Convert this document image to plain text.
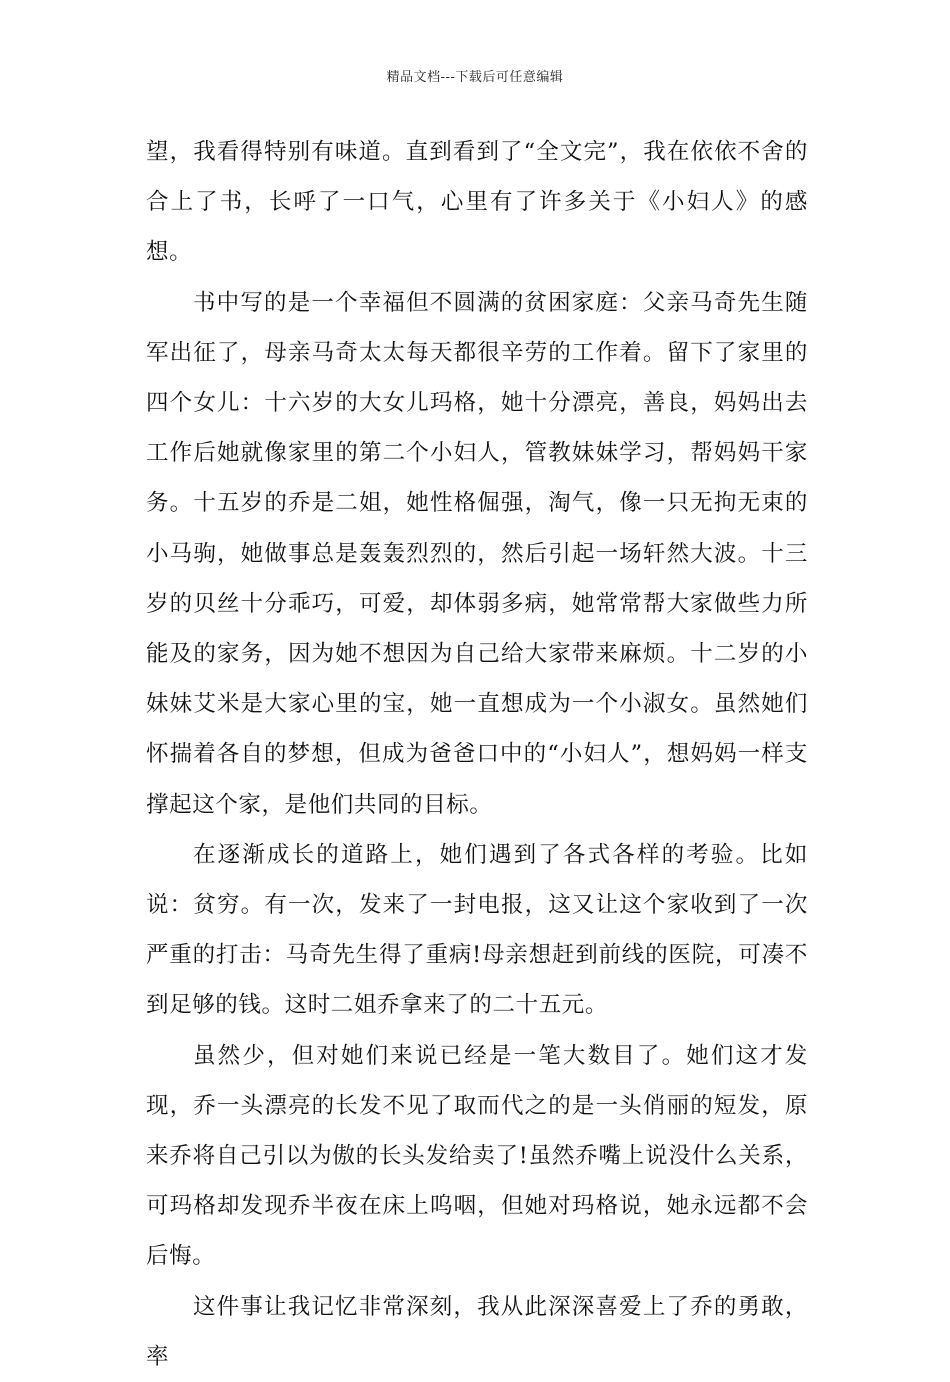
精品文档---下载后可任意编辑

望，我看得特别有味道。直到看到了“全文完”，我在依依不舍的合上了书，长呼了一口气，心里有了许多关于《小妇人》的感想。

书中写的是一个幸福但不圆满的贫困家庭：父亲马奇先生随军出征了，母亲马奇太太每天都很辛劳的工作着。留下了家里的四个女儿：十六岁的大女儿玛格，她十分漂亮，善良，妈妈出去工作后她就像家里的第二个小妇人，管教妹妹学习，帮妈妈干家务。十五岁的乔是二姐，她性格倔强，淘气，像一只无拘无束的小马驹，她做事总是轰轰烈烈的，然后引起一场轩然大波。十三岁的贝丝十分乖巧，可爱，却体弱多病，她常常帮大家做些力所能及的家务，因为她不想因为自己给大家带来麻烦。十二岁的小妹妹艾米是大家心里的宝，她一直想成为一个小淑女。虽然她们怀揣着各自的梦想，但成为爸爸口中的“小妇人”，想妈妈一样支撑起这个家，是他们共同的目标。

在逐渐成长的道路上，她们遇到了各式各样的考验。比如说：贫穷。有一次，发来了一封电报，这又让这个家收到了一次严重的打击：马奇先生得了重病!母亲想赶到前线的医院，可凑不到足够的钱。这时二姐乔拿来了的二十五元。

虽然少，但对她们来说已经是一笔大数目了。她们这才发现，乔一头漂亮的长发不见了取而代之的是一头俏丽的短发，原来乔将自己引以为傲的长头发给卖了!虽然乔嘴上说没什么关系，可玛格却发现乔半夜在床上呜咽，但她对玛格说，她永远都不会后悔。

这件事让我记忆非常深刻，我从此深深喜爱上了乔的勇敢，率
